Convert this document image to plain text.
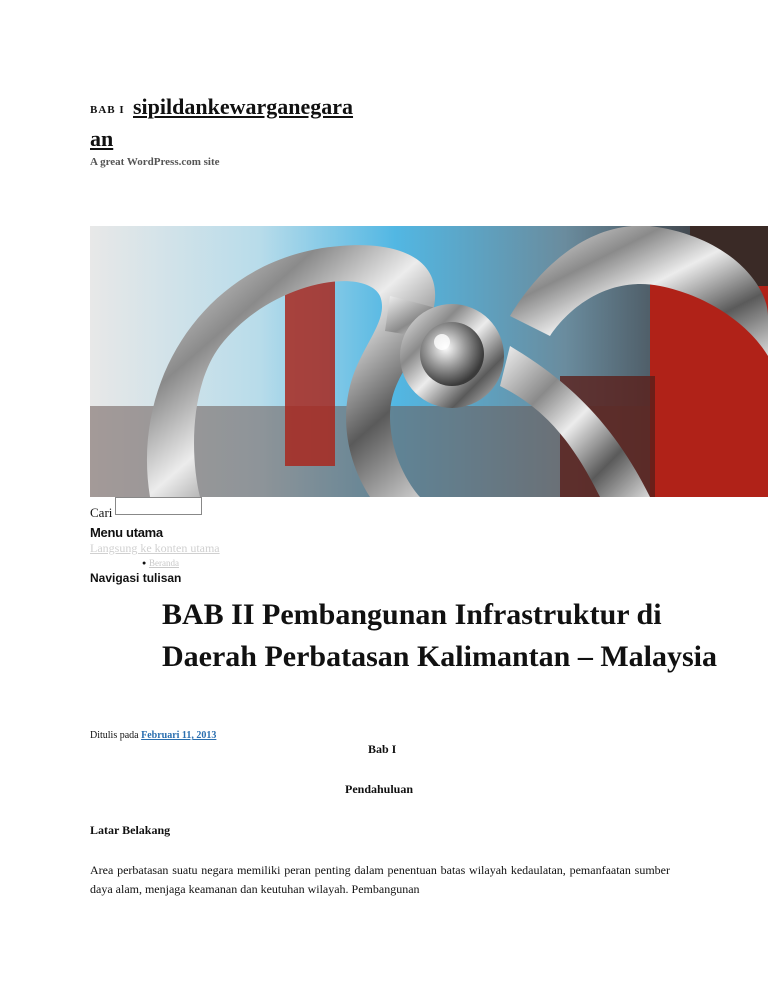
BAB I sipildankewarganegara
an
A great WordPress.com site
Cari
Menu utama
Langsung ke konten utama
● Beranda
Navigasi tulisan
BAB II Pembangunan Infrastruktur di Daerah Perbatasan Kalimantan – Malaysia
Ditulis pada Februari 11, 2013
Bab I
Pendahuluan
Latar Belakang

Area perbatasan suatu negara memiliki peran penting dalam penentuan batas wilayah kedaulatan, pemanfaatan sumber daya alam, menjaga keamanan dan keutuhan wilayah. Pembangunan
